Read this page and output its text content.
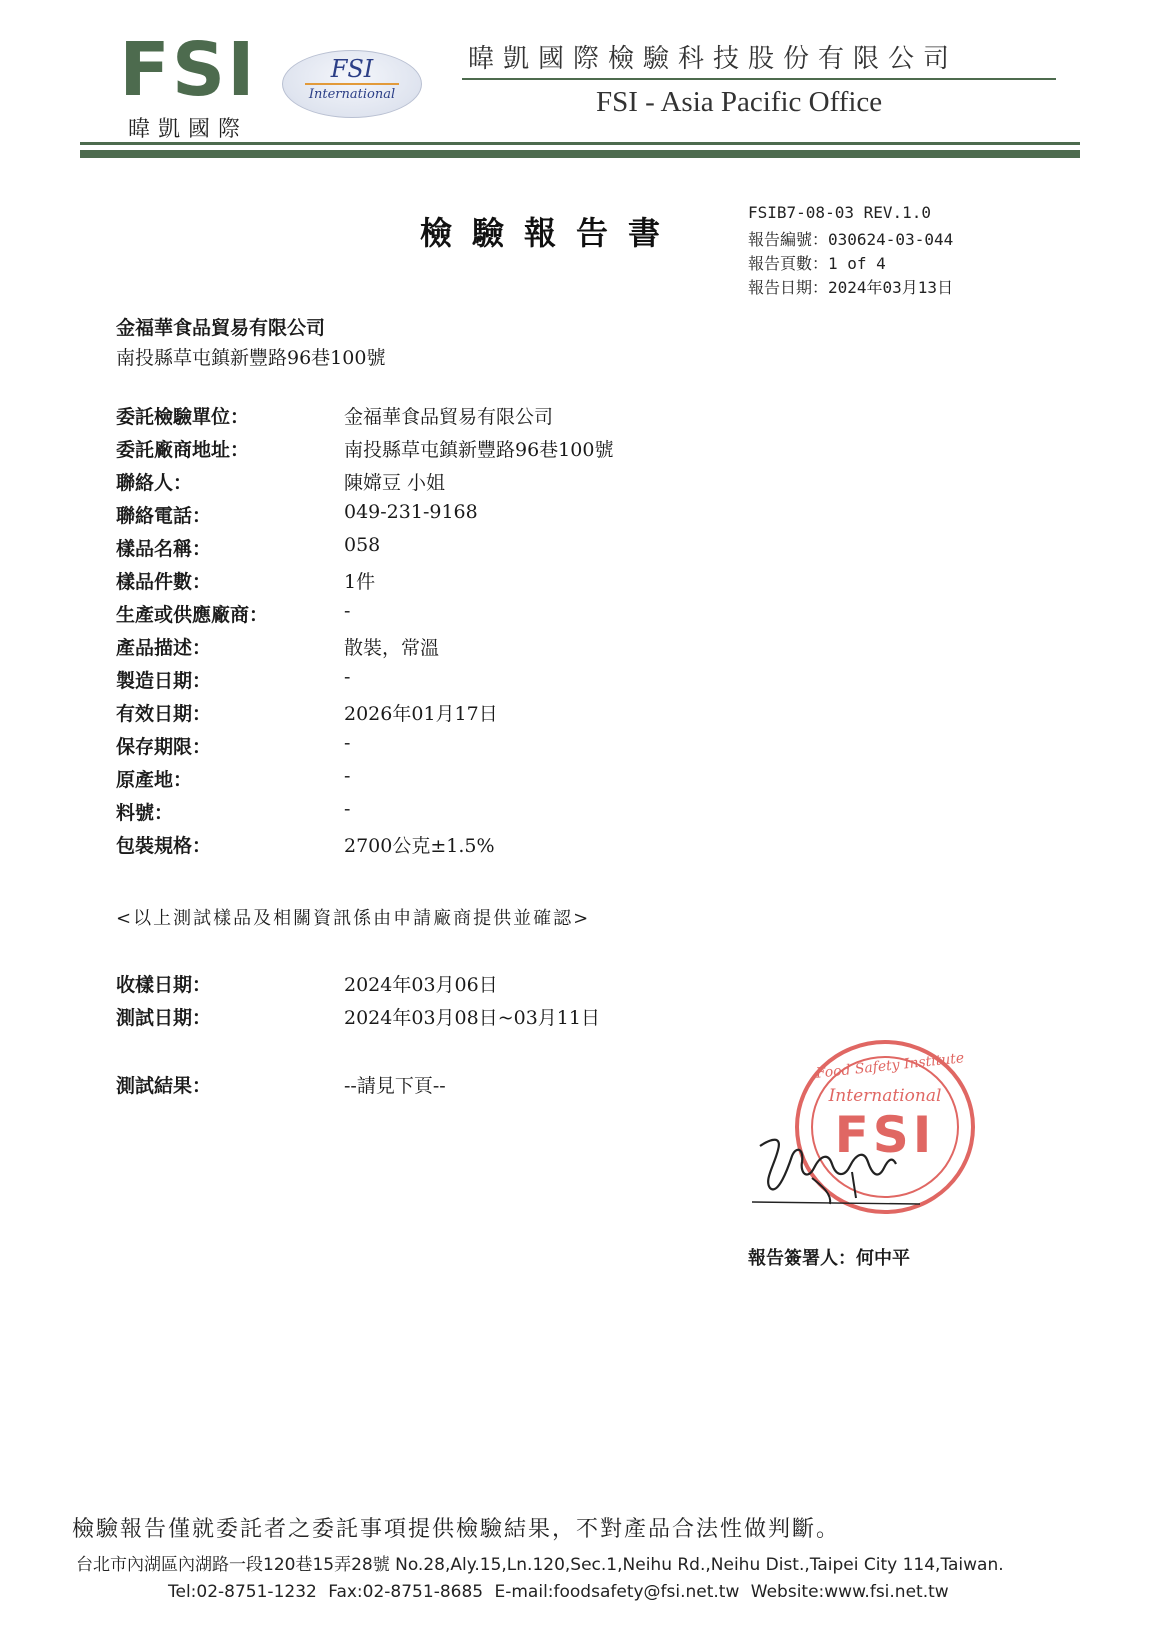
FSI
暐凱國際
FSI
International
暐凱國際檢驗科技股份有限公司
FSI - Asia Pacific Office
檢驗報告書
FSIB7-08-03 REV.1.0
報告編號：030624-03-044
報告頁數：1 of 4
報告日期：2024年03月13日
金福華食品貿易有限公司
南投縣草屯鎮新豐路96巷100號
委託檢驗單位：	金福華食品貿易有限公司
委託廠商地址：	南投縣草屯鎮新豐路96巷100號
聯絡人：	陳嫦豆 小姐
聯絡電話：	049-231-9168
樣品名稱：	058
樣品件數：	1件
生產或供應廠商：	-
產品描述：	散裝，常溫
製造日期：	-
有效日期：	2026年01月17日
保存期限：	-
原產地：	-
料號：	-
包裝規格：	2700公克±1.5%
<以上測試樣品及相關資訊係由申請廠商提供並確認>
收樣日期：	2024年03月06日
測試日期：	2024年03月08日~03月11日
測試結果：	--請見下頁--
Food Safety Institute
International
FSI
報告簽署人：何中平
檢驗報告僅就委託者之委託事項提供檢驗結果，不對產品合法性做判斷。
台北市內湖區內湖路一段120巷15弄28號 No.28,Aly.15,Ln.120,Sec.1,Neihu Rd.,Neihu Dist.,Taipei City 114,Taiwan.
Tel:02-8751-1232 Fax:02-8751-8685 E-mail:foodsafety@fsi.net.tw Website:www.fsi.net.tw
